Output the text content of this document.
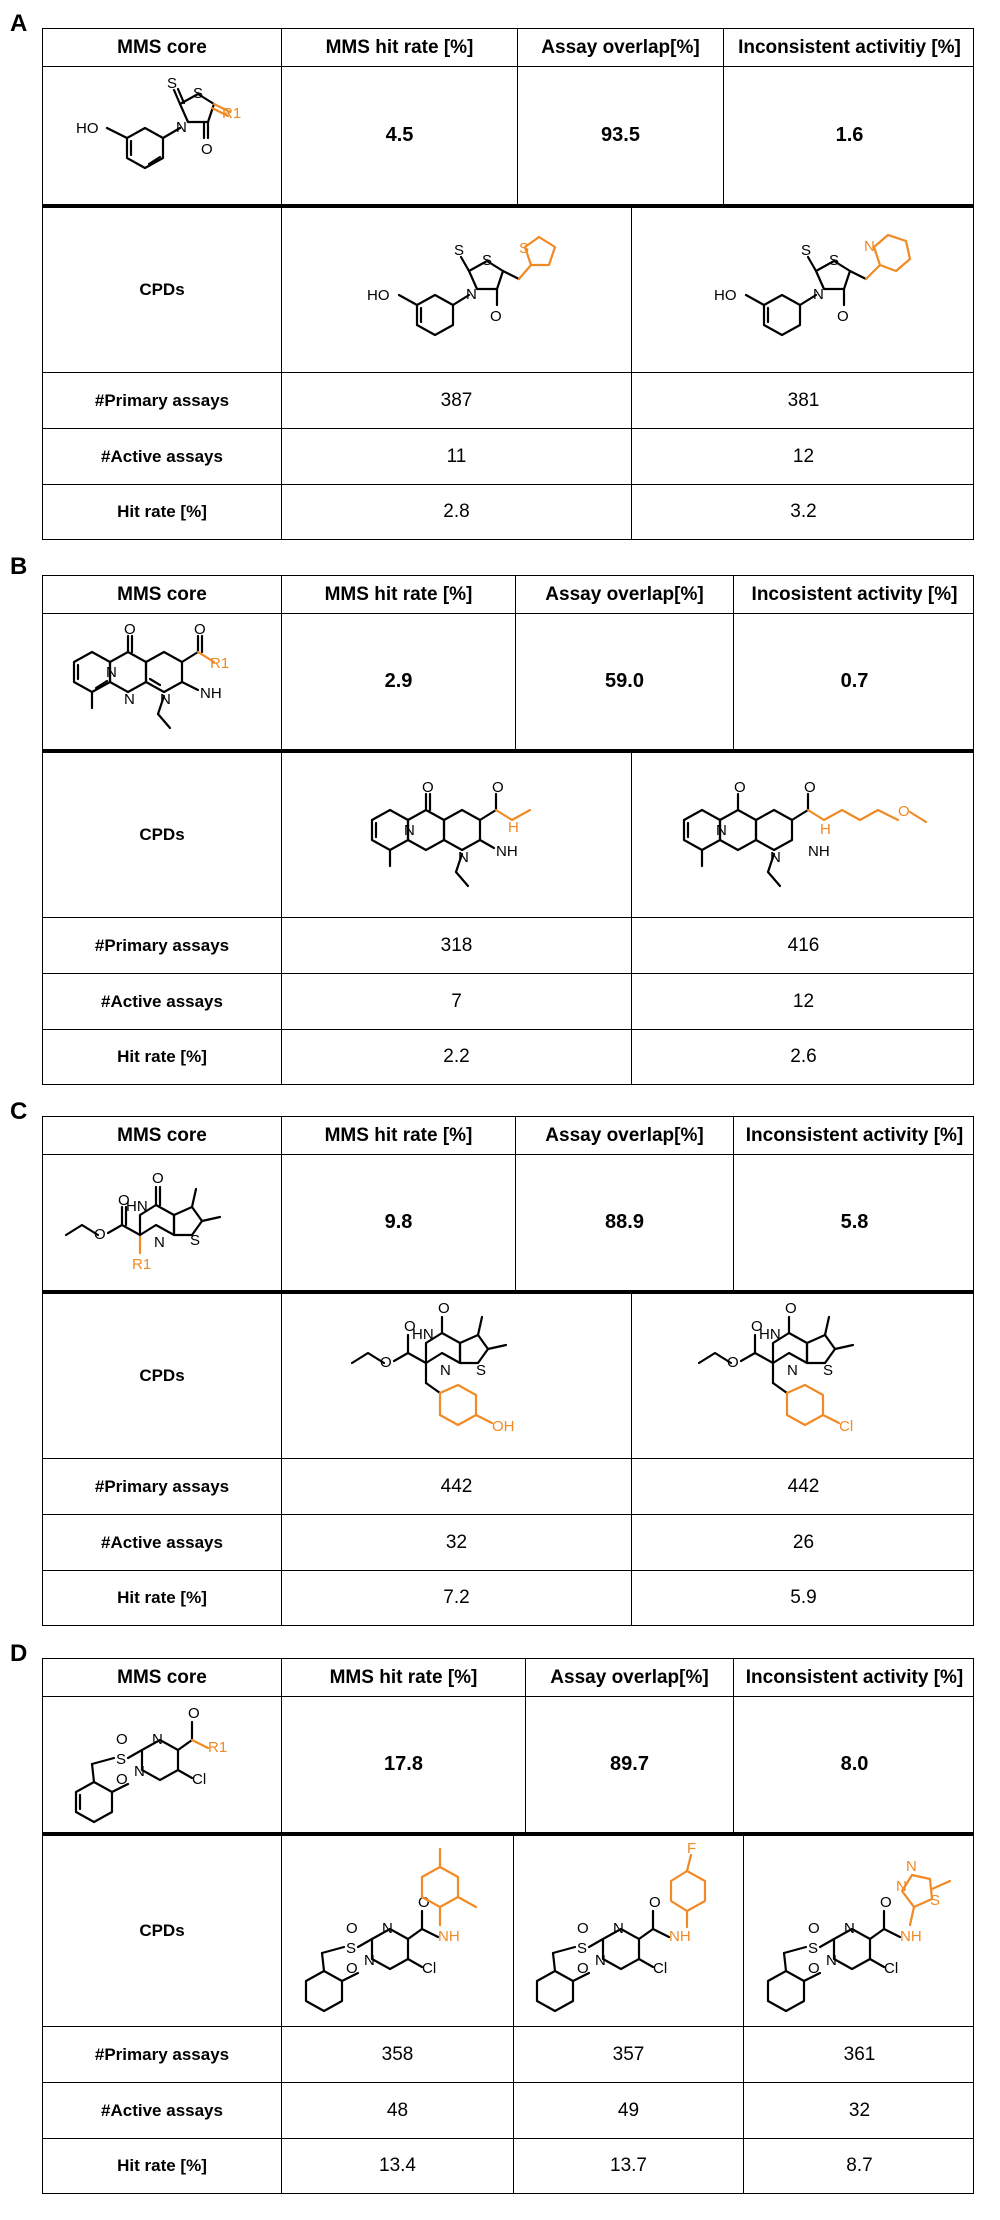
A
MMS core	MMS hit rate [%]	Assay overlap[%]	Inconsistent activitiy [%]
HO	N
S
S
O
R1
4.5	93.5	1.6
CPDs	HO	N
S
S
O
S
HO	N
S
S
O
N
#Primary assays	387	381
#Active assays	11	12
Hit rate [%]	2.8	3.2
B
MMS core	MMS hit rate [%]	Assay overlap[%]	Incosistent activity [%]
O
N
N N NH
O
R1
2.9	59.0	0.7
CPDs
O
N
N NH
O
H
O
N
N NH
O
H
O
#Primary assays	318	416
#Active assays	7	12
Hit rate [%]	2.2	2.6
C
MMS core	MMS hit rate [%]	Assay overlap[%]	Inconsistent activity [%]
O
O
R1
HN
N
O
S
9.8	88.9	5.8
CPDs
O
O
HN
N
O
S
OH
O
O
HN
N
O
S
Cl
#Primary assays	442	442
#Active assays	32	26
Hit rate [%]	7.2	5.9
D
MMS core	MMS hit rate [%]	Assay overlap[%]	Inconsistent activity [%]
S
O
O
N
N	Cl
O
R1
17.8	89.7	8.0
CPDs
S
O
O
N
N	Cl
O
NH
S
O
O
N
N	Cl
O
NH
F
S
O
O
N
N	Cl
O
NH
N
N
S
#Primary assays	358	357	361
#Active assays	48	49	32
Hit rate [%]	13.4	13.7	8.7
